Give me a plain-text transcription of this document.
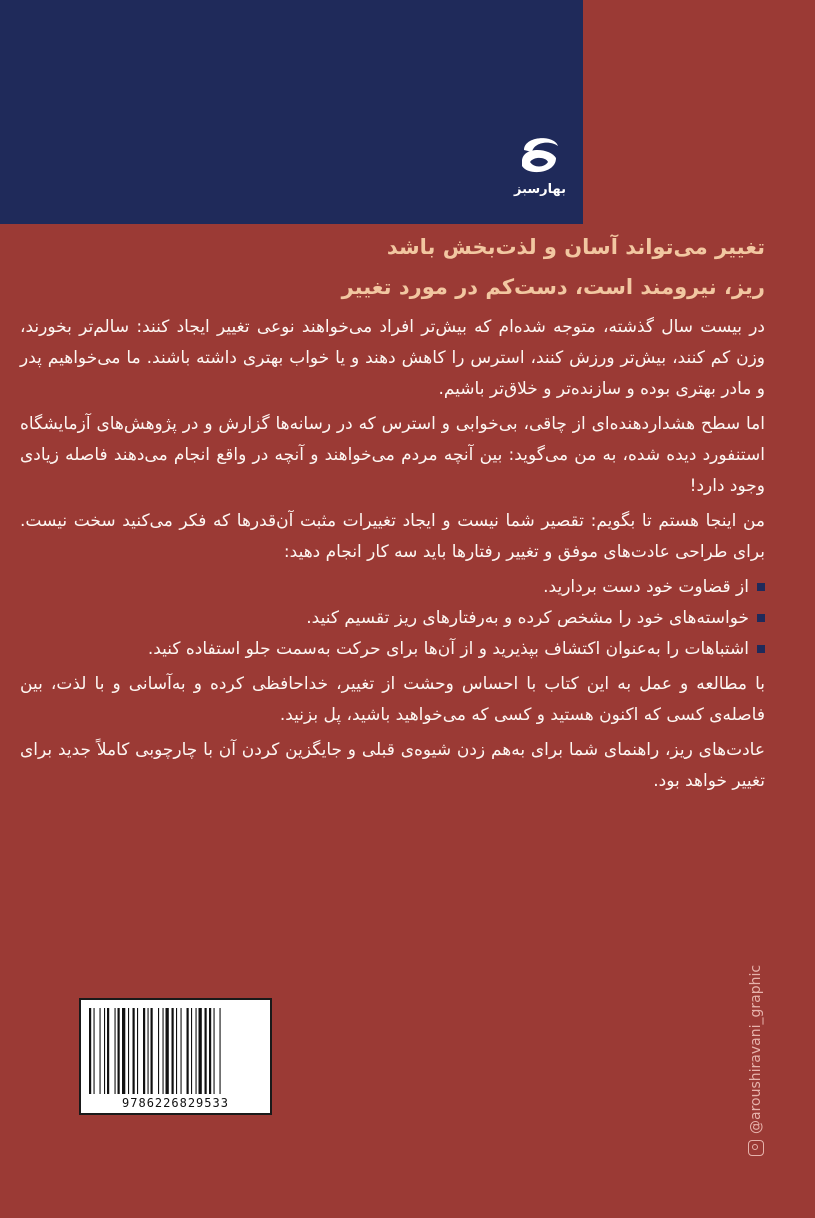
بهارسبز

تغییر می‌تواند آسان و لذت‌بخش باشد

ریز، نیرومند است، دست‌کم در مورد تغییر

در بیست سال گذشته، متوجه شده‌ام که بیش‌تر افراد می‌خواهند نوعی تغییر ایجاد کنند: سالم‌تر بخورند، وزن کم کنند، بیش‌تر ورزش کنند، استرس را کاهش دهند و یا خواب بهتری داشته باشند. ما می‌خواهیم پدر و مادر بهتری بوده و سازنده‌تر و خلاق‌تر باشیم.

اما سطح هشداردهنده‌ای از چاقی، بی‌خوابی و استرس که در رسانه‌ها گزارش و در پژوهش‌های آزمایشگاه استنفورد دیده شده، به من می‌گوید: بین آنچه مردم می‌خواهند و آنچه در واقع انجام می‌دهند فاصله زیادی وجود دارد!

من اینجا هستم تا بگویم: تقصیر شما نیست و ایجاد تغییرات مثبت آن‌قدرها که فکر می‌کنید سخت نیست. برای طراحی عادت‌های موفق و تغییر رفتارها باید سه کار انجام دهید:

از قضاوت خود دست بردارید.
خواسته‌های خود را مشخص کرده و به‌رفتارهای ریز تقسیم کنید.
اشتباهات را به‌عنوان اکتشاف بپذیرید و از آن‌ها برای حرکت به‌سمت جلو استفاده کنید.

با مطالعه و عمل به این کتاب با احساس وحشت از تغییر، خداحافظی کرده و به‌آسانی و با لذت، بین فاصله‌ی کسی که اکنون هستید و کسی که می‌خواهید باشید، پل بزنید.

عادت‌های ریز، راهنمای شما برای به‌هم زدن شیوه‌ی قبلی و جایگزین کردن آن با چارچوبی کاملاً جدید برای تغییر خواهد بود.

9786226829533	@aroushiravani_graphic
